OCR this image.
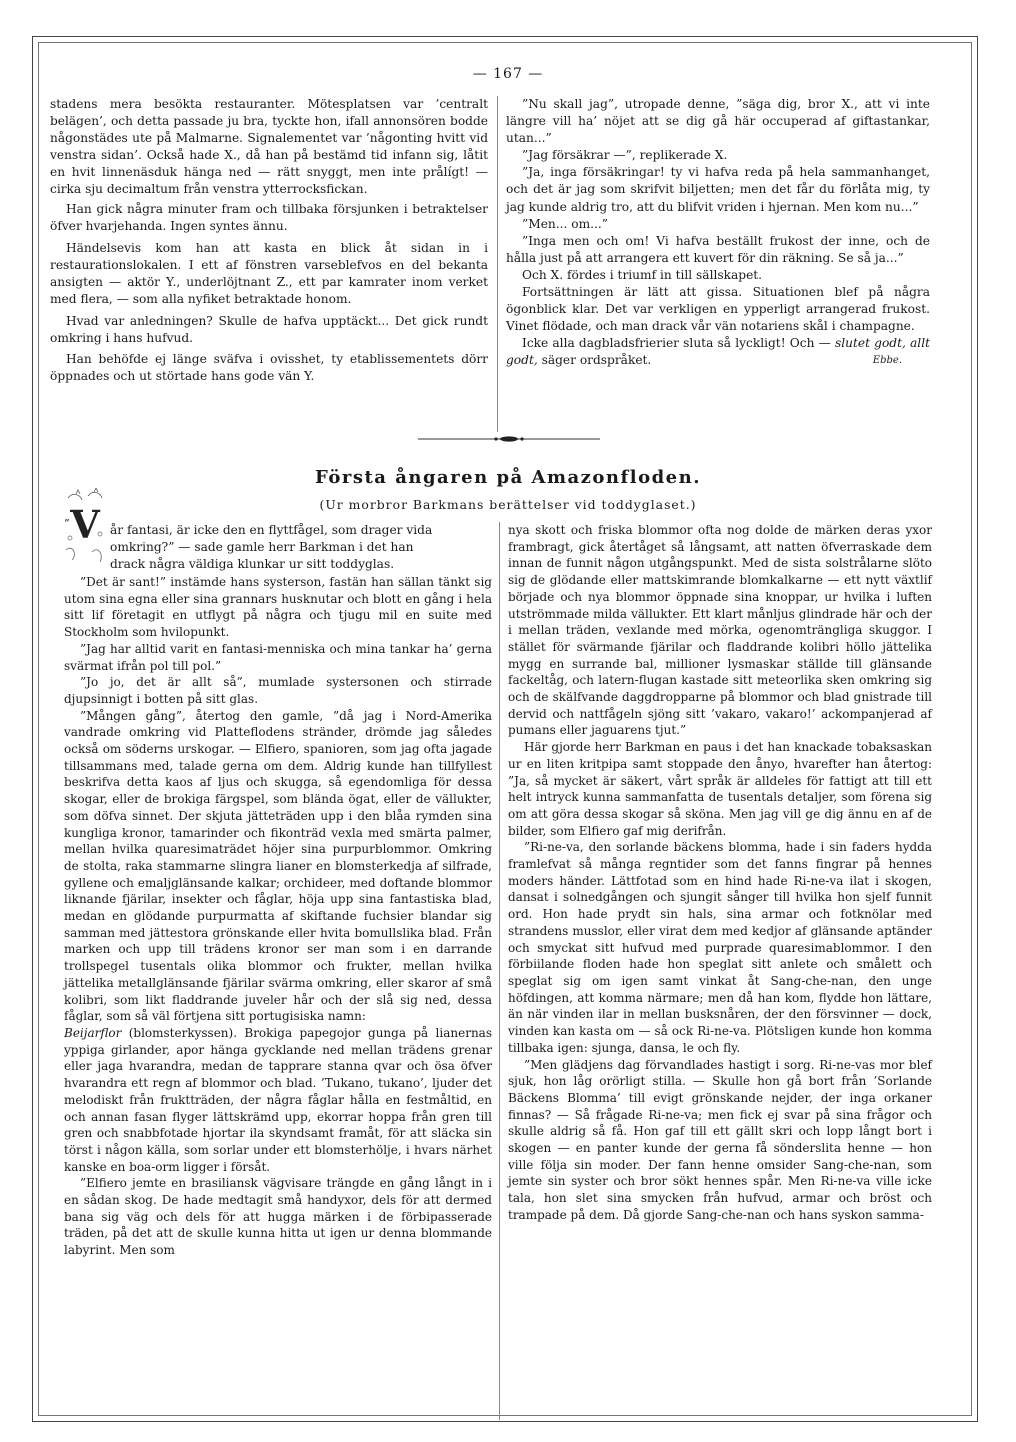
— 167 —

stadens mera besökta restauranter. Mötesplatsen var ’centralt belägen’, och detta passade ju bra, tyckte hon, ifall annonsören bodde någonstädes ute på Malmarne. Signalementet var ’någonting hvitt vid venstra sidan’. Också hade X., då han på bestämd tid infann sig, låtit en hvit linnenäsduk hänga ned — rätt snyggt, men inte prålígt! — cirka sju decimaltum från venstra ytterrocksfickan.

Han gick några minuter fram och tillbaka försjunken i betraktelser öfver hvarjehanda. Ingen syntes ännu.

Händelsevis kom han att kasta en blick åt sidan in i restaurationslokalen. I ett af fönstren varseblefvos en del bekanta ansigten — aktör Y., underlöjtnant Z., ett par kamrater inom verket med flera, — som alla nyfiket betraktade honom.

Hvad var anledningen? Skulle de hafva upptäckt... Det gick rundt omkring i hans hufvud.

Han behöfde ej länge sväfva i ovisshet, ty etablissementets dörr öppnades och ut störtade hans gode vän Y.

”Nu skall jag”, utropade denne, ”säga dig, bror X., att vi inte längre vill ha’ nöjet att se dig gå här occuperad af giftastankar, utan...”

”Jag försäkrar —”, replikerade X.

”Ja, inga försäkringar! ty vi hafva reda på hela sammanhanget, och det är jag som skrifvit biljetten; men det får du förlåta mig, ty jag kunde aldrig tro, att du blifvit vriden i hjernan. Men kom nu...”

”Men... om...”

”Inga men och om! Vi hafva beställt frukost der inne, och de hålla just på att arrangera ett kuvert för din räkning. Se så ja...”

Och X. fördes i triumf in till sällskapet.

Fortsättningen är lätt att gissa. Situationen blef på några ögonblick klar. Det var verkligen en ypperligt arrangerad frukost. Vinet flödade, och man drack vår vän notariens skål i champagne.

Icke alla dagbladsfrierier sluta så lyckligt! Och — slutet godt, allt godt, säger ordspråket.	Ebbe.

Första ångaren på Amazonfloden.
(Ur morbror Barkmans berättelser vid toddyglaset.)
V
”	år fantasi, är icke den en flyttfågel, som drager vida
omkring?” — sade gamle herr Barkman i det han
drack några väldiga klunkar ur sitt toddyglas.

”Det är sant!” instämde hans systerson, fastän han sällan tänkt sig utom sina egna eller sina grannars husknutar och blott en gång i hela sitt lif företagit en utflygt på några och tjugu mil en suite med Stockholm som hvilopunkt.

”Jag har alltid varit en fantasi-menniska och mina tankar ha’ gerna svärmat ifrån pol till pol.”

”Jo jo, det är allt så”, mumlade systersonen och stirrade djupsinnigt i botten på sitt glas.

”Mången gång”, återtog den gamle, ”då jag i Nord-Amerika vandrade omkring vid Platteflodens stränder, drömde jag således också om söderns urskogar. — Elfiero, spanioren, som jag ofta jagade tillsammans med, talade gerna om dem. Aldrig kunde han tillfyllest beskrifva detta kaos af ljus och skugga, så egendomliga för dessa skogar, eller de brokiga färgspel, som blända ögat, eller de vällukter, som döfva sinnet. Der skjuta jätteträden upp i den blåa rymden sina kungliga kronor, tamarinder och fikonträd vexla med smärta palmer, mellan hvilka quaresimaträdet höjer sina purpurblommor. Omkring de stolta, raka stammarne slingra lianer en blomsterkedja af silfrade, gyllene och emaljglänsande kalkar; orchideer, med doftande blommor liknande fjärilar, insekter och fåglar, höja upp sina fantastiska blad, medan en glödande purpurmatta af skiftande fuchsier blandar sig samman med jättestora grönskande eller hvita bomullslika blad. Från marken och upp till trädens kronor ser man som i en darrande trollspegel tusentals olika blommor och frukter, mellan hvilka jättelika metallglänsande fjärilar svärma omkring, eller skaror af små kolibri, som likt fladdrande juveler hår och der slå sig ned, dessa fåglar, som så väl förtjena sitt portugisiska namn:

Beijarflor (blomsterkyssen). Brokiga papegojor gunga på lianernas yppiga girlander, apor hänga gycklande ned mellan trädens grenar eller jaga hvarandra, medan de tapprare stanna qvar och ösa öfver hvarandra ett regn af blommor och blad. ’Tukano, tukano’, ljuder det melodiskt från fruktträden, der några fåglar hålla en festmåltid, en och annan fasan flyger lättskrämd upp, ekorrar hoppa från gren till gren och snabbfotade hjortar ila skyndsamt framåt, för att släcka sin törst i någon källa, som sorlar under ett blomsterhölje, i hvars närhet kanske en boa-orm ligger i försåt.

”Elfiero jemte en brasiliansk vägvisare trängde en gång långt in i en sådan skog. De hade medtagit små handyxor, dels för att dermed bana sig väg och dels för att hugga märken i de förbipasserade träden, på det att de skulle kunna hitta ut igen ur denna blommande labyrint. Men som

nya skott och friska blommor ofta nog dolde de märken deras yxor frambragt, gick återtåget så långsamt, att natten öfverraskade dem innan de funnit någon utgångspunkt. Med de sista solstrålarne slöto sig de glödande eller mattskimrande blomkalkarne — ett nytt växtlif började och nya blommor öppnade sina knoppar, ur hvilka i luften utströmmade milda vällukter. Ett klart månljus glindrade här och der i mellan träden, vexlande med mörka, ogenomträngliga skuggor. I stället för svärmande fjärilar och fladdrande kolibri höllo jättelika mygg en surrande bal, millioner lysmaskar ställde till glänsande fackeltåg, och latern-flugan kastade sitt meteorlika sken omkring sig och de skälfvande daggdropparne på blommor och blad gnistrade till dervid och nattfågeln sjöng sitt ’vakaro, vakaro!’ ackompanjerad af pumans eller jaguarens tjut.”

Här gjorde herr Barkman en paus i det han knackade tobaksaskan ur en liten kritpipa samt stoppade den ånyo, hvarefter han återtog: ”Ja, så mycket är säkert, vårt språk är alldeles för fattigt att till ett helt intryck kunna sammanfatta de tusentals detaljer, som förena sig om att göra dessa skogar så sköna. Men jag vill ge dig ännu en af de bilder, som Elfiero gaf mig derifrån.

”Ri-ne-va, den sorlande bäckens blomma, hade i sin faders hydda framlefvat så många regntider som det fanns fingrar på hennes moders händer. Lättfotad som en hind hade Ri-ne-va ilat i skogen, dansat i solnedgången och sjungit sånger till hvilka hon sjelf funnit ord. Hon hade prydt sin hals, sina armar och fotknölar med strandens musslor, eller virat dem med kedjor af glänsande aptänder och smyckat sitt hufvud med purprade quaresimablommor. I den förbiilande floden hade hon speglat sitt anlete och smålett och speglat sig om igen samt vinkat åt Sang-che-nan, den unge höfdingen, att komma närmare; men då han kom, flydde hon lättare, än när vinden ilar in mellan busksnåren, der den försvinner — dock, vinden kan kasta om — så ock Ri-ne-va. Plötsligen kunde hon komma tillbaka igen: sjunga, dansa, le och fly.

”Men glädjens dag förvandlades hastigt i sorg. Ri-ne-vas mor blef sjuk, hon låg orörligt stilla. — Skulle hon gå bort från ’Sorlande Bäckens Blomma’ till evigt grönskande nejder, der inga orkaner finnas? — Så frågade Ri-ne-va; men fick ej svar på sina frågor och skulle aldrig så få. Hon gaf till ett gällt skri och lopp långt bort i skogen — en panter kunde der gerna få sönderslita henne — hon ville följa sin moder. Der fann henne omsider Sang-che-nan, som jemte sin syster och bror sökt hennes spår. Men Ri-ne-va ville icke tala, hon slet sina smycken från hufvud, armar och bröst och trampade på dem. Då gjorde Sang-che-nan och hans syskon samma-
